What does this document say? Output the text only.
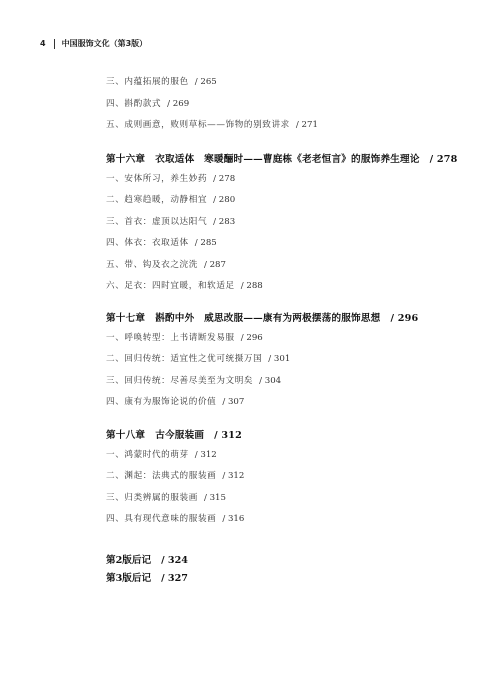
4 中国服饰文化（第3版）
三、内蕴拓展的服色 / 265
四、斟酌款式 / 269
五、成则画意，败则草标——饰物的别致讲求 / 271
第十六章 衣取适体　寒暖酾时——曹庭栋《老老恒言》的服饰养生理论 / 278
一、安体所习，养生妙药 / 278
二、趋寒趋暖，动静相宜 / 280
三、首衣：虚顶以达阳气 / 283
四、体衣：衣取适体 / 285
五、带、钩及衣之浣洗 / 287
六、足衣：四时宜暖，和软适足 / 288
第十七章 斟酌中外　威思改服——康有为两极摆荡的服饰思想 / 296
一、呼唤转型：上书请断发易服 / 296
二、回归传统：适宜性之优可统摄万国 / 301
三、回归传统：尽善尽美至为文明矣 / 304
四、康有为服饰论说的价值 / 307
第十八章 古今服装画 / 312
一、鸿蒙时代的萌芽 / 312
二、渊起：法典式的服装画 / 312
三、归类辨属的服装画 / 315
四、具有现代意味的服装画 / 316
第2版后记 / 324
第3版后记 / 327
